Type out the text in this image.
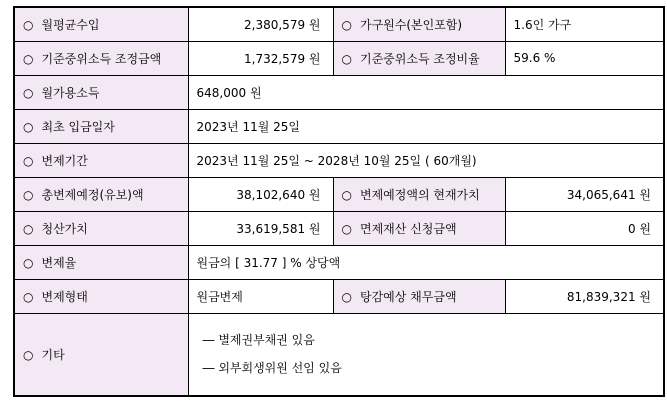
○ 월평균수입	2,380,579 원	○ 가구원수(본인포함)	1.6인 가구
○ 기준중위소득 조정금액	1,732,579 원	○ 기준중위소득 조정비율	59.6 %
○ 월가용소득	648,000 원		
○ 최초 입금일자	2023년 11월 25일		
○ 변제기간	2023년 11월 25일 ~ 2028년 10월 25일 ( 60개월)		
○ 총변제예정(유보)액	38,102,640 원	○ 변제예정액의 현재가치	34,065,641 원
○ 청산가치	33,619,581 원	○ 면제재산 신청금액	0 원
○ 변제율	원금의 [ 31.77 ] % 상당액		
○ 변제형태	원금변제	○ 탕감예상 채무금액	81,839,321 원
○ 기타	― 별제권부채권 있음
― 외부회생위원 선임 있음		
